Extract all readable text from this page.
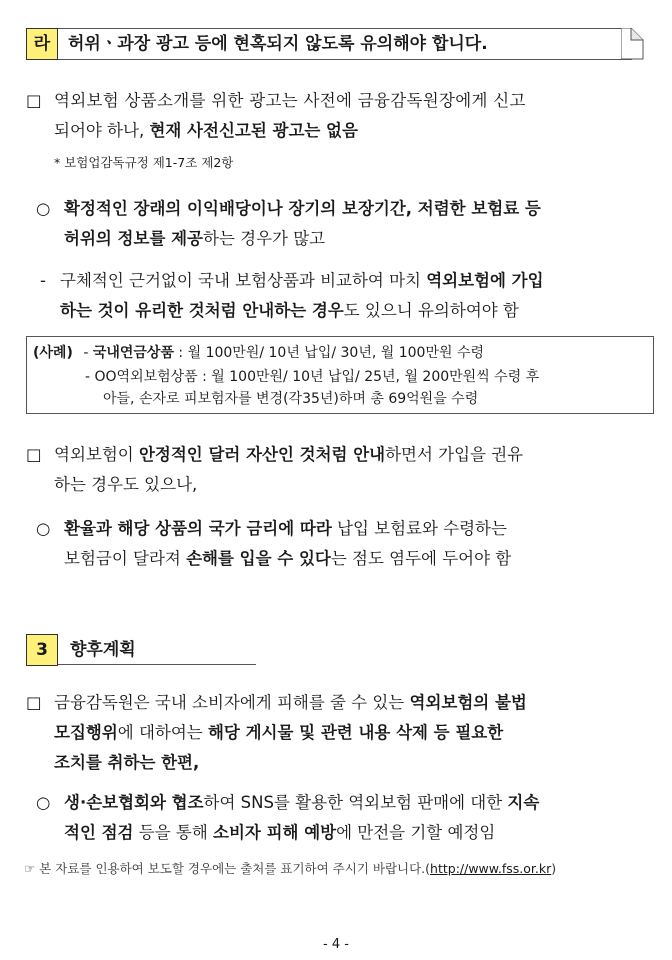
라	허위ㆍ과장 광고 등에 현혹되지 않도록 유의해야 합니다.
□ 역외보험 상품소개를 위한 광고는 사전에 금융감독원장에게 신고

되어야 하나, 현재 사전신고된 광고는 없음

* 보험업감독규정 제1-7조 제2항
○ 확정적인 장래의 이익배당이나 장기의 보장기간, 저렴한 보험료 등

허위의 정보를 제공하는 경우가 많고

- 구체적인 근거없이 국내 보험상품과 비교하여 마치 역외보험에 가입

하는 것이 유리한 것처럼 안내하는 경우도 있으니 유의하여야 함

(사례) - 국내연금상품 : 월 100만원/ 10년 납입/ 30년, 월 100만원 수령
- OO역외보험상품 : 월 100만원/ 10년 납입/ 25년, 월 200만원씩 수령 후
아들, 손자로 피보험자를 변경(각35년)하며 총 69억원을 수령
□ 역외보험이 안정적인 달러 자산인 것처럼 안내하면서 가입을 권유

하는 경우도 있으나,

○ 환율과 해당 상품의 국가 금리에 따라 납입 보험료와 수령하는

보험금이 달라져 손해를 입을 수 있다는 점도 염두에 두어야 함

3	향후계획
□ 금융감독원은 국내 소비자에게 피해를 줄 수 있는 역외보험의 불법

모집행위에 대하여는 해당 게시물 및 관련 내용 삭제 등 필요한

조치를 취하는 한편,

○ 생·손보협회와 협조하여 SNS를 활용한 역외보험 판매에 대한 지속

적인 점검 등을 통해 소비자 피해 예방에 만전을 기할 예정임

☞ 본 자료를 인용하여 보도할 경우에는 출처를 표기하여 주시기 바랍니다.(http://www.fss.or.kr)
- 4 -
